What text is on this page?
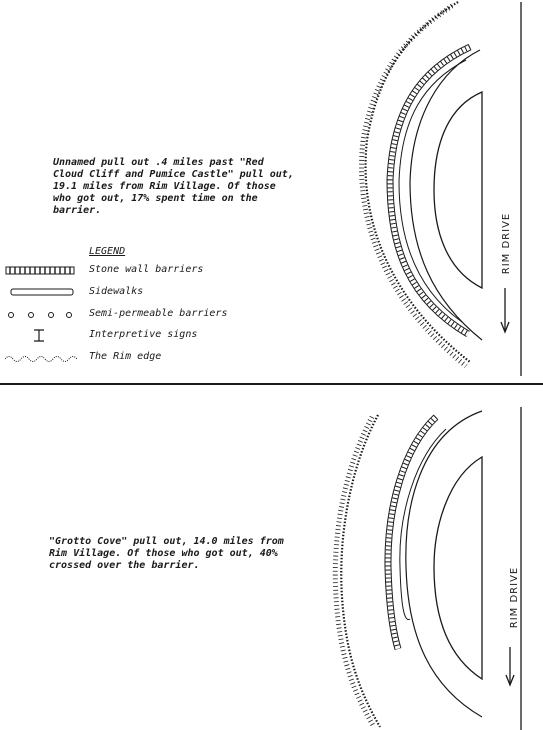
RIM DRIVE

Unnamed pull out .4 miles past "Red Cloud Cliff and Pumice Castle" pull out, 19.1 miles from Rim Village. Of those who got out, 17% spent time on the barrier.

LEGEND
Stone wall barriers
Sidewalks
Semi-permeable barriers
Interpretive signs
The Rim edge
RIM DRIVE

"Grotto Cove" pull out, 14.0 miles from Rim Village. Of those who got out, 40% crossed over the barrier.
